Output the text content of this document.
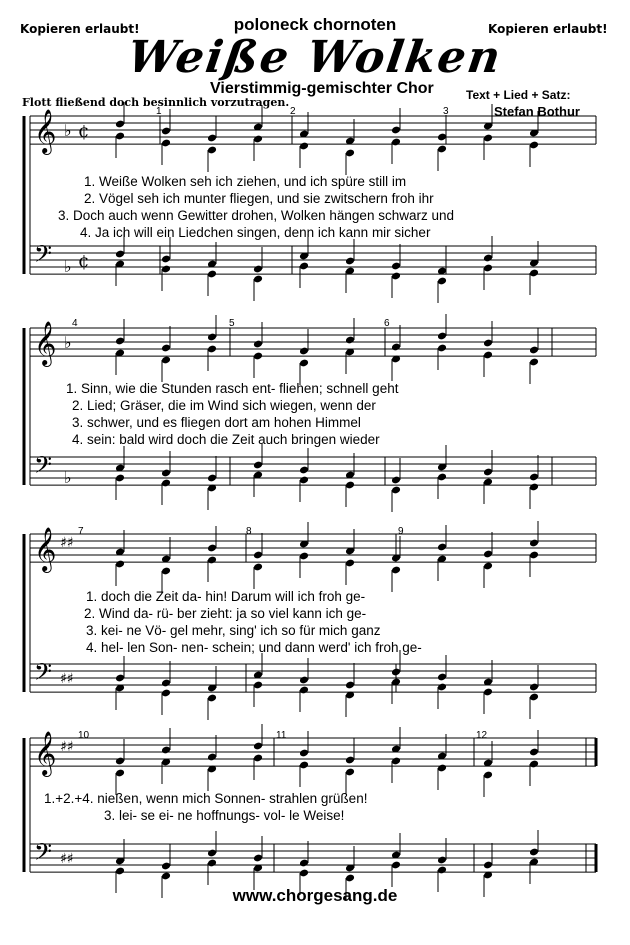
Kopieren erlaubt!	Kopieren erlaubt!
poloneck chornoten
Weiße Wolken
Vierstimmig-gemischter Chor	Text + Lied + Satz:
Stefan Bothur
Flott fließend doch besinnlich vorzutragen.
𝄞 ♭ ¢
𝄢 ♭ ¢
𝄞 ♭
𝄢 ♭
𝄞 ♯♯
𝄢 ♯♯
𝄞 ♯♯
𝄢 ♯♯
1	2	3
4	5	6
7	8	9
10	11	12
1. Weiße Wolken seh ich ziehen, und ich spüre still im
2. Vögel seh ich munter fliegen, und sie zwitschern froh ihr
3. Doch auch wenn Gewitter drohen, Wolken hängen schwarz und
4. Ja ich will ein Liedchen singen, denn ich kann mir sicher
1. Sinn, wie die Stunden rasch ent- fliehen; schnell geht
2. Lied; Gräser, die im Wind sich wiegen, wenn der
3. schwer, und es fliegen dort am hohen Himmel
4. sein: bald wird doch die Zeit auch bringen wieder
1. doch die Zeit da- hin! Darum will ich froh ge-
2. Wind da- rü- ber zieht: ja so viel kann ich ge-
3. kei- ne Vö- gel mehr, sing' ich so für mich ganz
4. hel- len Son- nen- schein; und dann werd' ich froh ge-
1.+2.+4. nießen, wenn mich Sonnen- strahlen grüßen!
3. lei- se ei- ne hoffnungs- vol- le Weise!
www.chorgesang.de
